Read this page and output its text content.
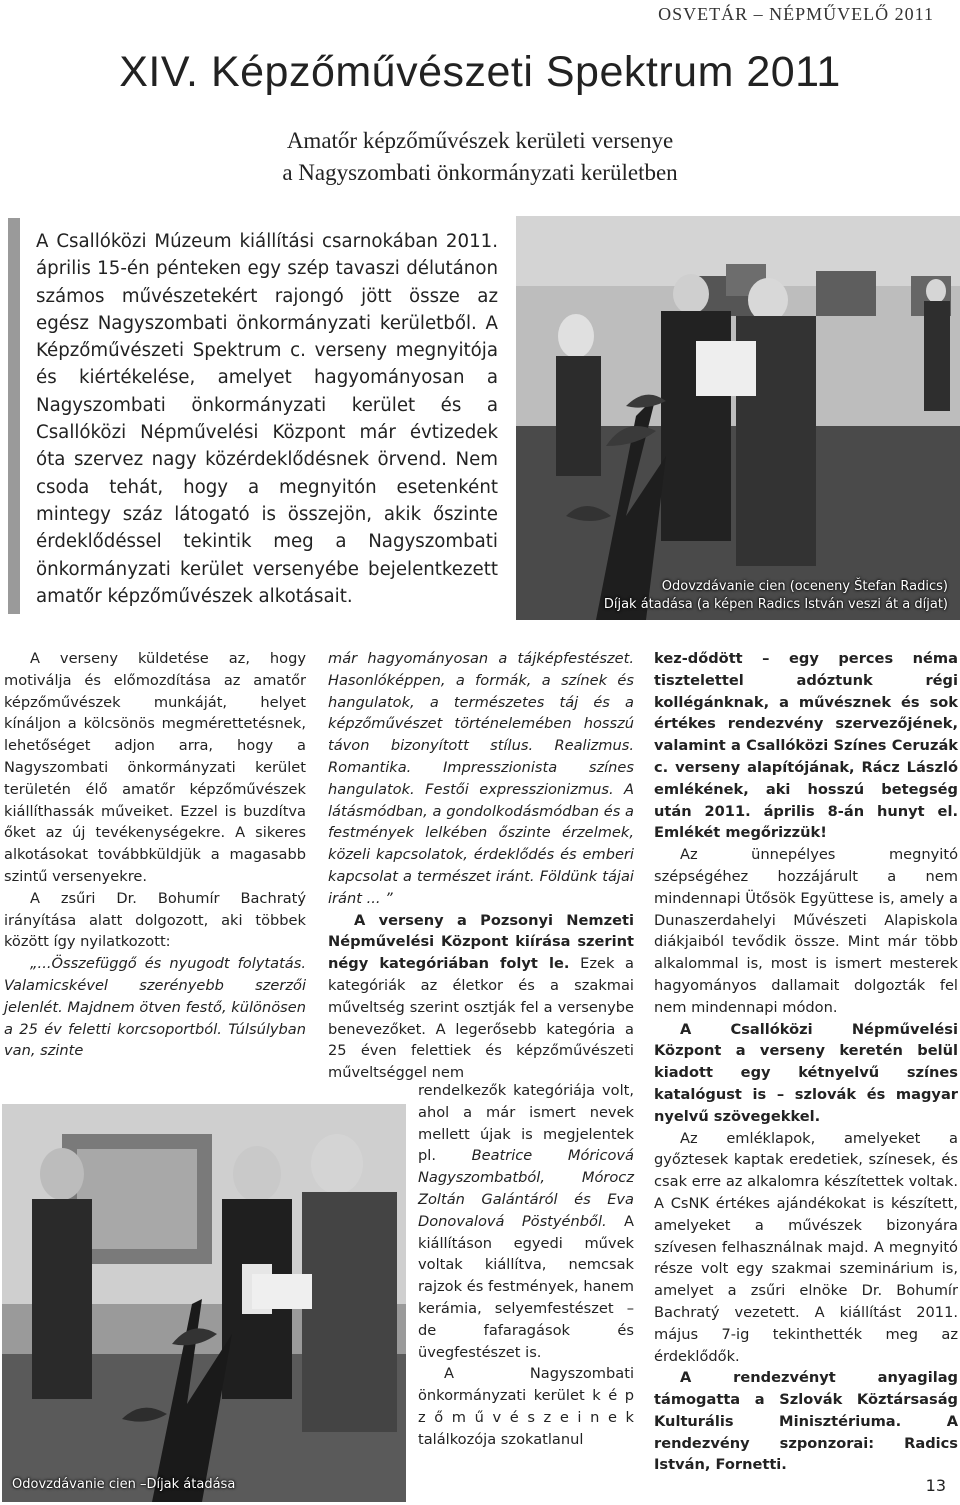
OSVETÁR – NÉPMŰVELŐ 2011
XIV. Képzőművészeti Spektrum 2011
Amatőr képzőművészek kerületi versenye
a Nagyszombati önkormányzati kerületben
A Csallóközi Múzeum kiállítási csarnokában 2011. április 15-én pénteken egy szép tavaszi délutánon számos művészetekért rajongó jött össze az egész Nagyszombati önkormányzati kerületből. A Képzőművészeti Spektrum c. verseny megnyitója és kiértékelése, amelyet hagyományosan a Nagyszombati önkormányzati kerület és a Csallóközi Népművelési Központ már évtizedek óta szervez nagy közérdeklődésnek örvend. Nem csoda tehát, hogy a megnyitón esetenként mintegy száz látogató is összejön, akik őszinte érdeklődéssel tekintik meg a Nagyszombati önkormányzati kerület versenyébe bejelentkezett amatőr képzőművészek alkotásait.	Odovzdávanie cien (oceneny Štefan Radics)
Díjak átadása (a képen Radics István veszi át a díjat)

A verseny küldetése az, hogy motiválja és előmozdítása az amatőr képzőművészek munkáját, helyet kínáljon a kölcsönös megmérettetésnek, lehetőséget adjon arra, hogy a Nagyszombati önkormányzati kerület területén élő amatőr képzőművészek kiállíthassák műveiket. Ezzel is buzdítva őket az új tevékenységekre. A sikeres alkotásokat továbbküldjük a magasabb szintű versenyekre.

A zsűri Dr. Bohumír Bachratý irányítása alatt dolgozott, aki többek között így nyilatkozott:

„...Összefüggő és nyugodt folytatás. Valamicskével szerényebb szerzői jelenlét. Majdnem ötven festő, különösen a 25 év feletti korcsoportból. Túlsúlyban van, szinte

már hagyományosan a tájképfestészet. Hasonlóképpen, a formák, a színek és hangulatok, a természetes táj és a képzőművészet történelemében hosszú távon bizonyított stílus. Realizmus. Romantika. Impresszionista színes hangulatok. Festői expresszionizmus. A látásmódban, a gondolkodásmódban és a festmények lelkében őszinte érzelmek, közeli kapcsolatok, érdeklődés és emberi kapcsolat a természet iránt. Földünk tájai iránt ... ”

A verseny a Pozsonyi Nemzeti Népművelési Központ kiírása szerint négy kategóriában folyt le. Ezek a kategóriák az életkor és a szakmai műveltség szerint osztják fel a versenybe benevezőket. A legerősebb kategória a 25 éven felettiek és képzőművészeti műveltséggel nem

rendelkezők kategóriája volt, ahol a már ismert nevek mellett újak is megjelentek pl. Beatrice Móricová Nagyszombatból, Mórocz Zoltán Galántáról és Eva Donovalová Pöstyénből. A kiállításon egyedi művek voltak kiállítva, nemcsak rajzok és festmények, hanem kerámia, selyemfestészet – de fafaragások és üvegfestészet is.

A Nagyszombati önkormányzati kerület k é p z ő m ű v é s z e i n e k találkozója szokatlanul

kez-dődött – egy perces néma tisztelettel adóztunk régi kollégánknak, a művésznek és sok értékes rendezvény szervezőjének, valamint a Csallóközi Színes Ceruzák c. verseny alapítójának, Rácz László emlékének, aki hosszú betegség után 2011. április 8-án hunyt el. Emlékét megőrizzük!

Az ünnepélyes megnyitó szépségéhez hozzájárult a nem mindennapi Ütősök Együttese is, amely a Dunaszerdahelyi Művészeti Alapiskola diákjaiból tevődik össze. Mint már több alkalommal is, most is ismert mesterek hagyományos dallamait dolgozták fel nem mindennapi módon.

A Csallóközi Népművelési Központ a verseny keretén belül kiadott egy kétnyelvű színes katalógust is – szlovák és magyar nyelvű szövegekkel.

Az emléklapok, amelyeket a győztesek kaptak eredetiek, színesek, és csak erre az alkalomra készítettek voltak. A CsNK értékes ajándékokat is készített, amelyeket a művészek bizonyára szívesen felhasználnak majd. A megnyitó része volt egy szakmai szeminárium is, amelyet a zsűri elnöke Dr. Bohumír Bachratý vezetett. A kiállítást 2011. május 7-ig tekinthették meg az érdeklődők.

A rendezvényt anyagilag támogatta a Szlovák Köztársaság Kulturális Minisztériuma. A rendezvény szponzorai: Radics István, Fornetti.

Odovzdávanie cien –Díjak átadása	13
